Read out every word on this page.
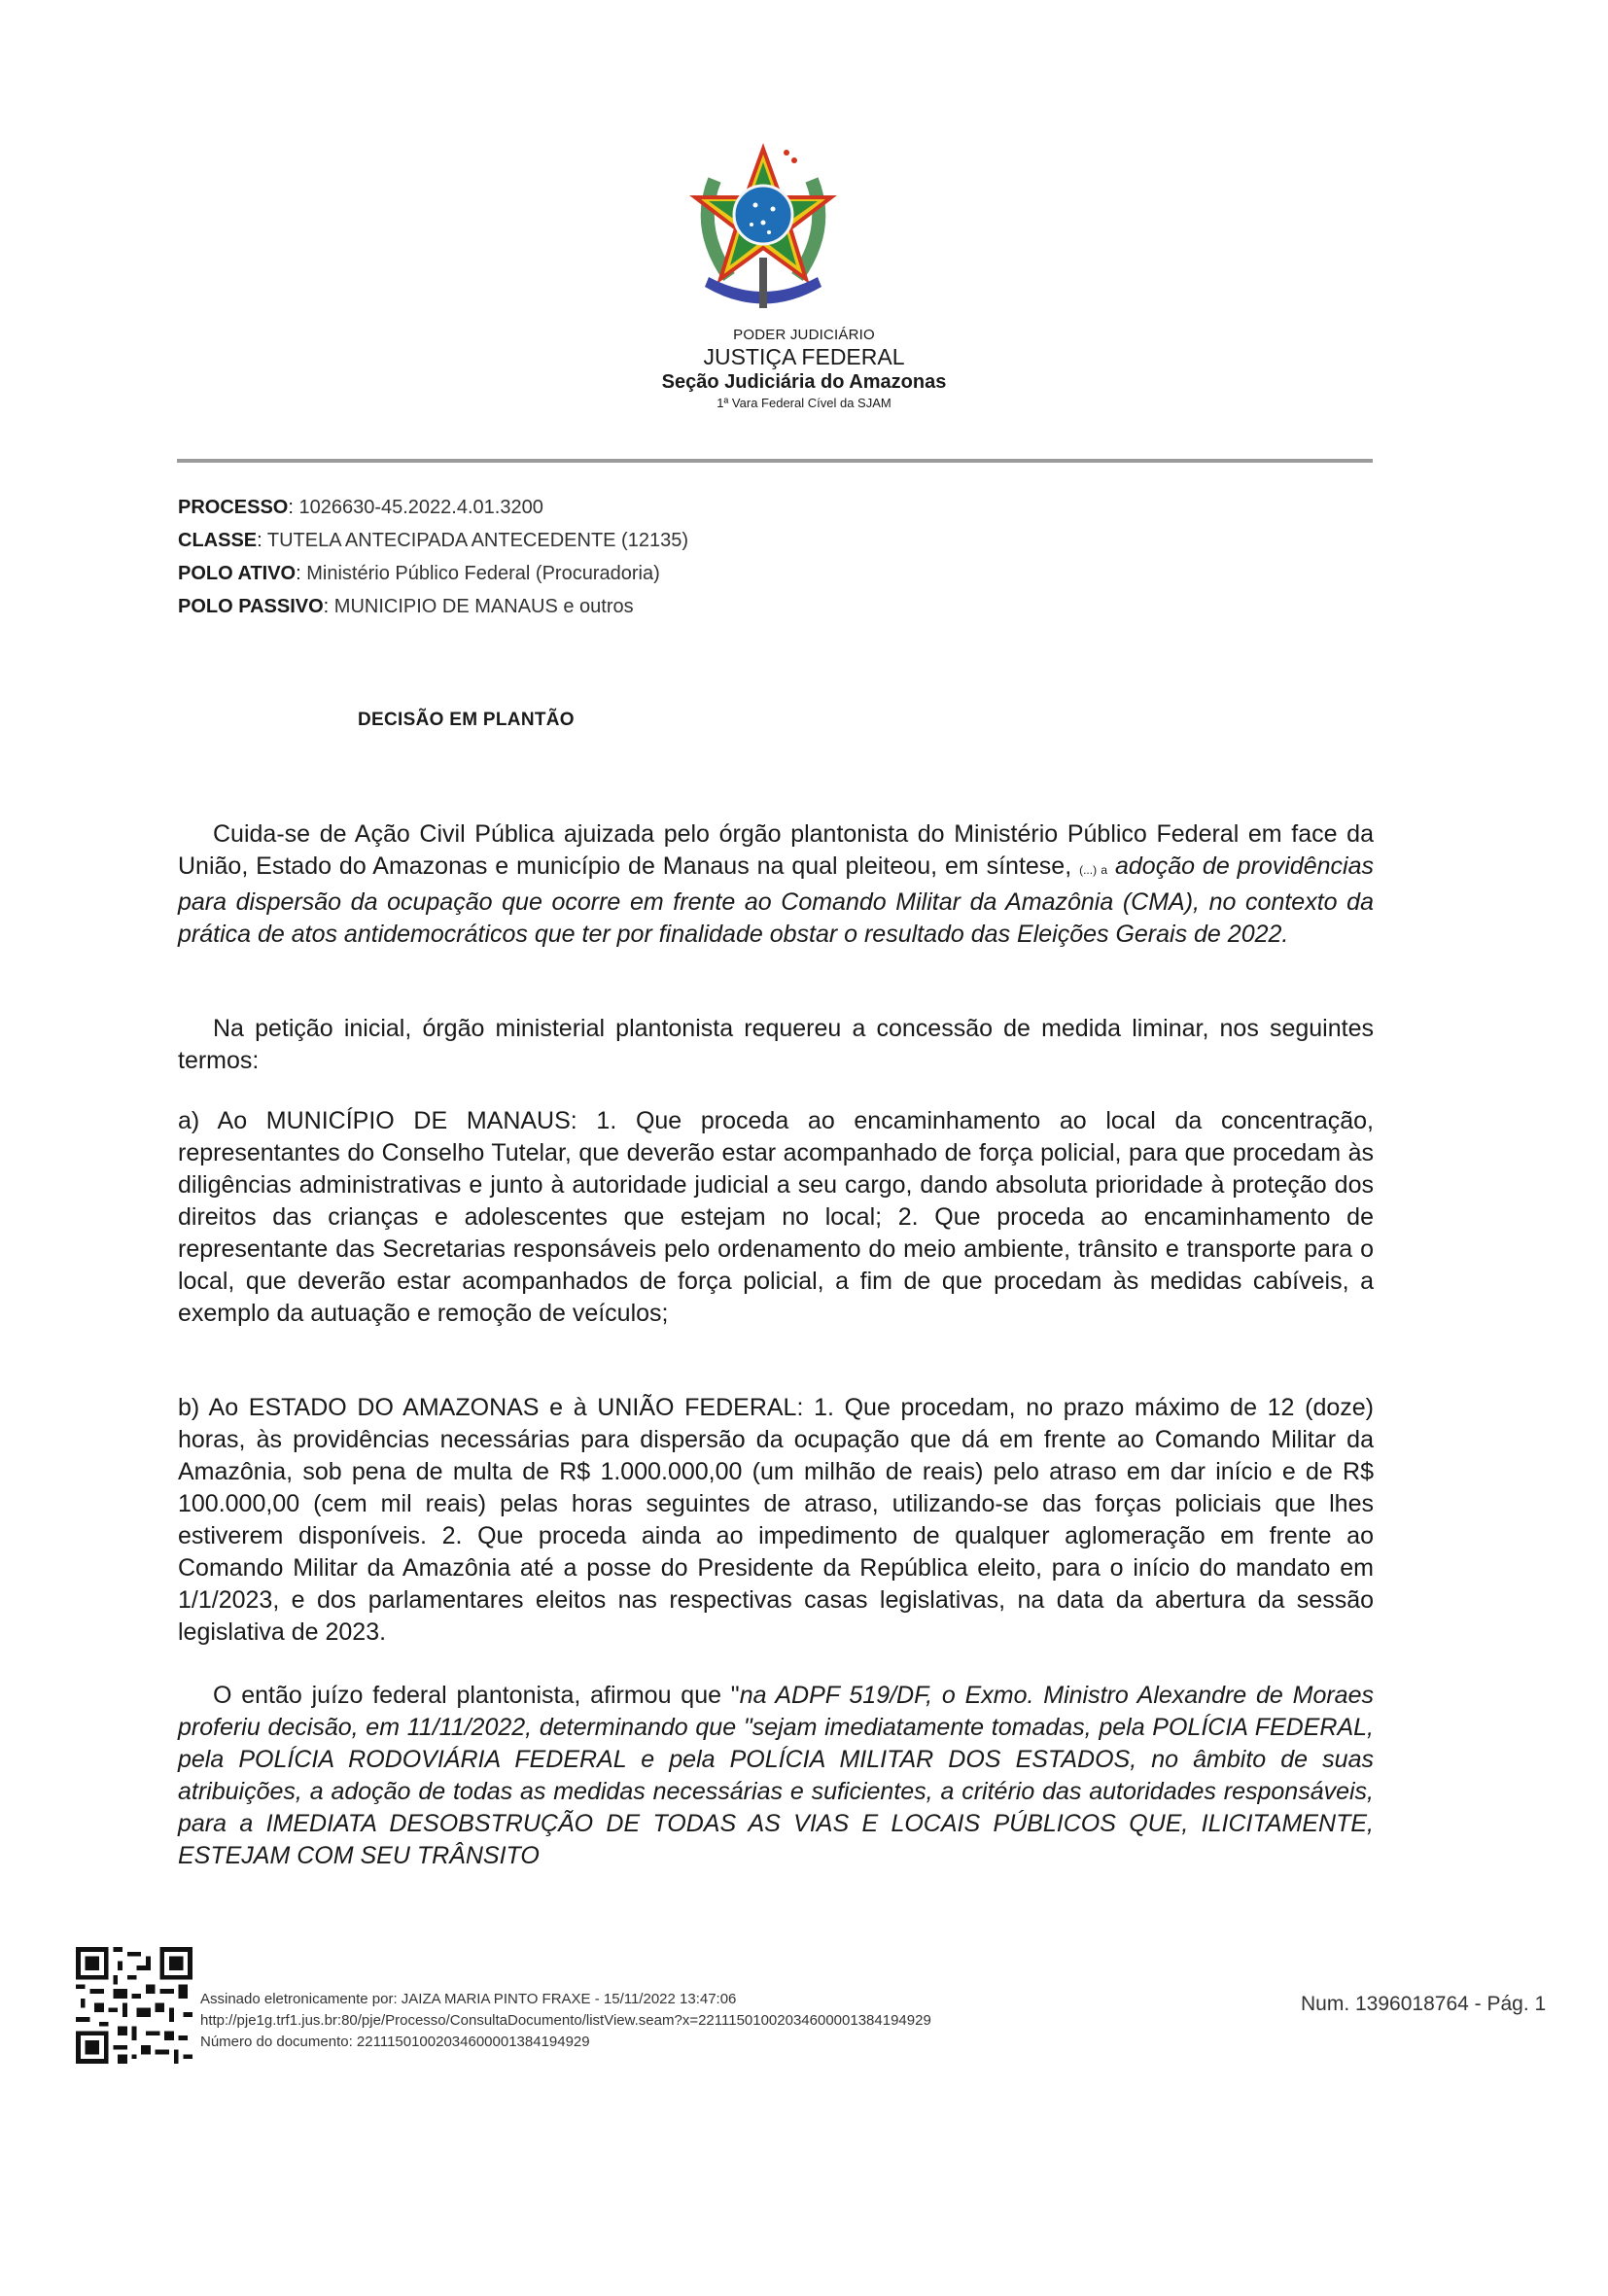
PODER JUDICIÁRIO
JUSTIÇA FEDERAL
Seção Judiciária do Amazonas
1ª Vara Federal Cível da SJAM
PROCESSO: 1026630-45.2022.4.01.3200
CLASSE: TUTELA ANTECIPADA ANTECEDENTE (12135)
POLO ATIVO: Ministério Público Federal (Procuradoria)
POLO PASSIVO: MUNICIPIO DE MANAUS e outros
DECISÃO EM PLANTÃO

Cuida-se de Ação Civil Pública ajuizada pelo órgão plantonista do Ministério Público Federal em face da União, Estado do Amazonas e município de Manaus na qual pleiteou, em síntese, (...) a adoção de providências para dispersão da ocupação que ocorre em frente ao Comando Militar da Amazônia (CMA), no contexto da prática de atos antidemocráticos que ter por finalidade obstar o resultado das Eleições Gerais de 2022.

Na petição inicial, órgão ministerial plantonista requereu a concessão de medida liminar, nos seguintes termos:

a) Ao MUNICÍPIO DE MANAUS: 1. Que proceda ao encaminhamento ao local da concentração, representantes do Conselho Tutelar, que deverão estar acompanhado de força policial, para que procedam às diligências administrativas e junto à autoridade judicial a seu cargo, dando absoluta prioridade à proteção dos direitos das crianças e adolescentes que estejam no local; 2. Que proceda ao encaminhamento de representante das Secretarias responsáveis pelo ordenamento do meio ambiente, trânsito e transporte para o local, que deverão estar acompanhados de força policial, a fim de que procedam às medidas cabíveis, a exemplo da autuação e remoção de veículos;

b) Ao ESTADO DO AMAZONAS e à UNIÃO FEDERAL: 1. Que procedam, no prazo máximo de 12 (doze) horas, às providências necessárias para dispersão da ocupação que dá em frente ao Comando Militar da Amazônia, sob pena de multa de R$ 1.000.000,00 (um milhão de reais) pelo atraso em dar início e de R$ 100.000,00 (cem mil reais) pelas horas seguintes de atraso, utilizando-se das forças policiais que lhes estiverem disponíveis. 2. Que proceda ainda ao impedimento de qualquer aglomeração em frente ao Comando Militar da Amazônia até a posse do Presidente da República eleito, para o início do mandato em 1/1/2023, e dos parlamentares eleitos nas respectivas casas legislativas, na data da abertura da sessão legislativa de 2023.

O então juízo federal plantonista, afirmou que "na ADPF 519/DF, o Exmo. Ministro Alexandre de Moraes proferiu decisão, em 11/11/2022, determinando que "sejam imediatamente tomadas, pela POLÍCIA FEDERAL, pela POLÍCIA RODOVIÁRIA FEDERAL e pela POLÍCIA MILITAR DOS ESTADOS, no âmbito de suas atribuições, a adoção de todas as medidas necessárias e suficientes, a critério das autoridades responsáveis, para a IMEDIATA DESOBSTRUÇÃO DE TODAS AS VIAS E LOCAIS PÚBLICOS QUE, ILICITAMENTE, ESTEJAM COM SEU TRÂNSITO

Assinado eletronicamente por: JAIZA MARIA PINTO FRAXE - 15/11/2022 13:47:06
http://pje1g.trf1.jus.br:80/pje/Processo/ConsultaDocumento/listView.seam?x=22111501002034600001384194929
Número do documento: 22111501002034600001384194929
Num. 1396018764 - Pág. 1
